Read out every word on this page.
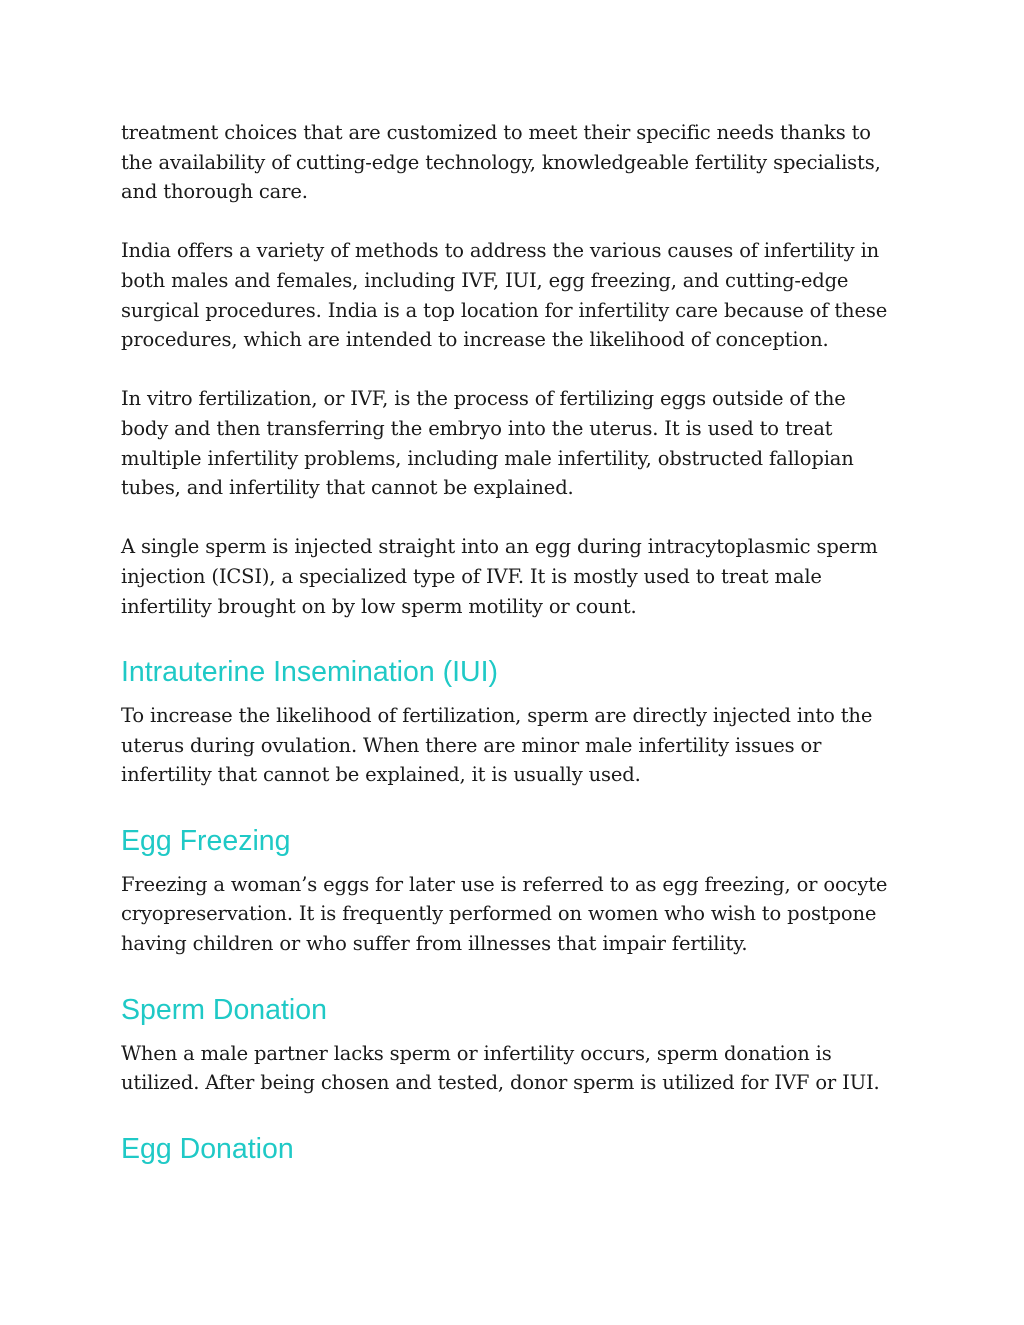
treatment choices that are customized to meet their specific needs thanks to
the availability of cutting-edge technology, knowledgeable fertility specialists,
and thorough care.

India offers a variety of methods to address the various causes of infertility in
both males and females, including IVF, IUI, egg freezing, and cutting-edge
surgical procedures. India is a top location for infertility care because of these
procedures, which are intended to increase the likelihood of conception.

In vitro fertilization, or IVF, is the process of fertilizing eggs outside of the
body and then transferring the embryo into the uterus. It is used to treat
multiple infertility problems, including male infertility, obstructed fallopian
tubes, and infertility that cannot be explained.

A single sperm is injected straight into an egg during intracytoplasmic sperm
injection (ICSI), a specialized type of IVF. It is mostly used to treat male
infertility brought on by low sperm motility or count.

Intrauterine Insemination (IUI)

To increase the likelihood of fertilization, sperm are directly injected into the
uterus during ovulation. When there are minor male infertility issues or
infertility that cannot be explained, it is usually used.

Egg Freezing

Freezing a woman’s eggs for later use is referred to as egg freezing, or oocyte
cryopreservation. It is frequently performed on women who wish to postpone
having children or who suffer from illnesses that impair fertility.

Sperm Donation

When a male partner lacks sperm or infertility occurs, sperm donation is
utilized. After being chosen and tested, donor sperm is utilized for IVF or IUI.

Egg Donation
